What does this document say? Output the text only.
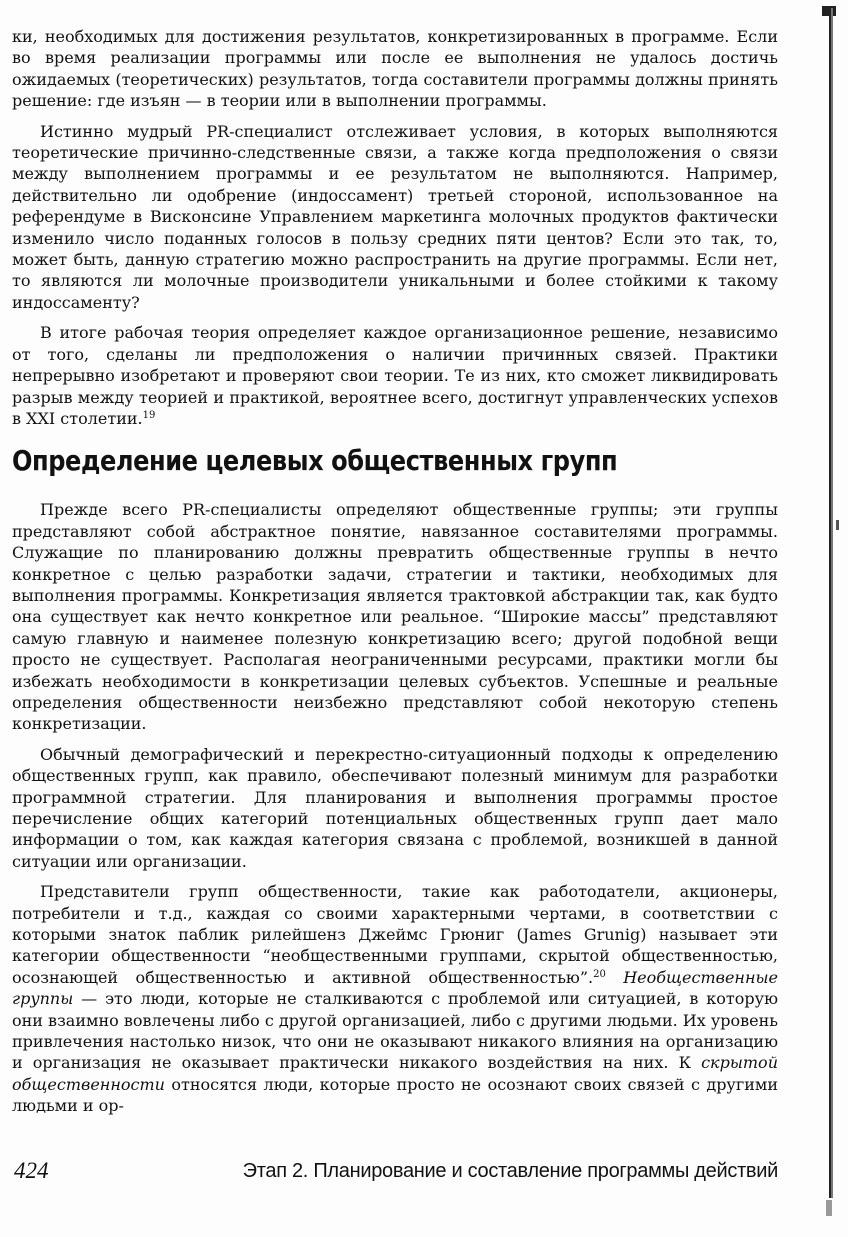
ки, необходимых для достижения результатов, конкретизированных в программе. Если во время реализации программы или после ее выполнения не удалось достичь ожидаемых (теоретических) результатов, тогда составители программы должны принять решение: где изъян — в теории или в выполнении программы.

Истинно мудрый PR-специалист отслеживает условия, в которых выполняются теоретические причинно-следственные связи, а также когда предположения о связи между выполнением программы и ее результатом не выполняются. Например, действительно ли одобрение (индоссамент) третьей стороной, использованное на референдуме в Висконсине Управлением маркетинга молочных продуктов фактически изменило число поданных голосов в пользу средних пяти центов? Если это так, то, может быть, данную стратегию можно распространить на другие программы. Если нет, то являются ли молочные производители уникальными и более стойкими к такому индоссаменту?

В итоге рабочая теория определяет каждое организационное решение, независимо от того, сделаны ли предположения о наличии причинных связей. Практики непрерывно изобретают и проверяют свои теории. Те из них, кто сможет ликвидировать разрыв между теорией и практикой, вероятнее всего, достигнут управленческих успехов в XXI столетии.$^{19}$

Определение целевых общественных групп

Прежде всего PR-специалисты определяют общественные группы; эти группы представляют собой абстрактное понятие, навязанное составителями программы. Служащие по планированию должны превратить общественные группы в нечто конкретное с целью разработки задачи, стратегии и тактики, необходимых для выполнения программы. Конкретизация является трактовкой абстракции так, как будто она существует как нечто конкретное или реальное. “Широкие массы” представляют самую главную и наименее полезную конкретизацию всего; другой подобной вещи просто не существует. Располагая неограниченными ресурсами, практики могли бы избежать необходимости в конкретизации целевых субъектов. Успешные и реальные определения общественности неизбежно представляют собой некоторую степень конкретизации.

Обычный демографический и перекрестно-ситуационный подходы к определению общественных групп, как правило, обеспечивают полезный минимум для разработки программной стратегии. Для планирования и выполнения программы простое перечисление общих категорий потенциальных общественных групп дает мало информации о том, как каждая категория связана с проблемой, возникшей в данной ситуации или организации.

Представители групп общественности, такие как работодатели, акционеры, потребители и т.д., каждая со своими характерными чертами, в соответствии с которыми знаток паблик рилейшенз Джеймс Грюниг (James Grunig) называет эти категории общественности “необщественными группами, скрытой общественностью, осознающей общественностью и активной общественностью”.$^{20}$ Необщественные группы — это люди, которые не сталкиваются с проблемой или ситуацией, в которую они взаимно вовлечены либо с другой организацией, либо с другими людьми. Их уровень привлечения настолько низок, что они не оказывают никакого влияния на организацию и организация не оказывает практически никакого воздействия на них. К скрытой общественности относятся люди, которые просто не осознают своих связей с другими людьми и ор-

424	Этап 2. Планирование и составление программы действий
